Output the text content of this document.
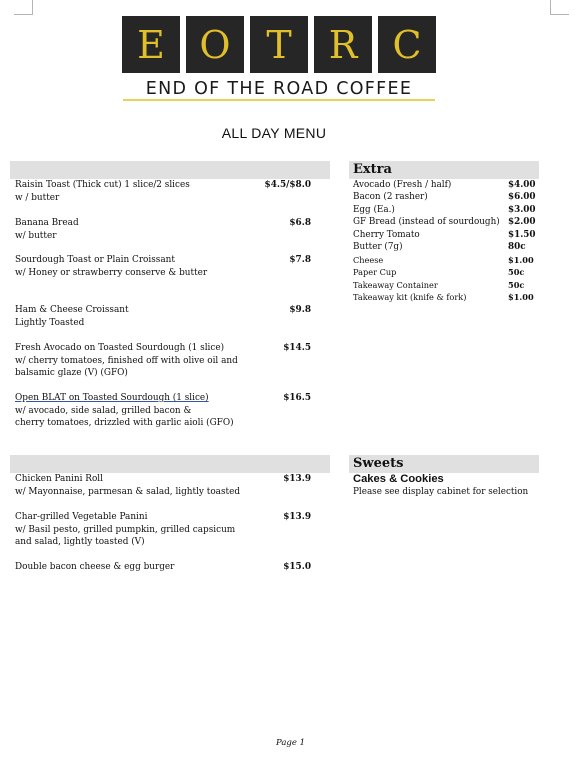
E O T R C
END OF THE ROAD COFFEE
ALL DAY MENU
Extra
Sweets
Raisin Toast (Thick cut) 1 slice/2 slices
w / butter
$4.5/$8.0
Banana Bread
w/ butter
$6.8
Sourdough Toast or Plain Croissant
w/ Honey or strawberry conserve & butter
$7.8
Ham & Cheese Croissant
Lightly Toasted
$9.8
Fresh Avocado on Toasted Sourdough (1 slice)
w/ cherry tomatoes, finished off with olive oil and
balsamic glaze (V) (GFO)
$14.5
Open BLAT on Toasted Sourdough (1 slice)
w/ avocado, side salad, grilled bacon &
cherry tomatoes, drizzled with garlic aioli (GFO)
$16.5
Chicken Panini Roll
w/ Mayonnaise, parmesan & salad, lightly toasted
$13.9
Char-grilled Vegetable Panini
w/ Basil pesto, grilled pumpkin, grilled capsicum
and salad, lightly toasted (V)
$13.9
Double bacon cheese & egg burger	$15.0
Avocado (Fresh / half)	$4.00
Bacon (2 rasher)	$6.00
Egg (Ea.)	$3.00
GF Bread (instead of sourdough) $2.00
Cherry Tomato	$1.50
Butter (7g)	80c
Cheese	$1.00
Paper Cup	50c
Takeaway Container	50c
Takeaway kit (knife & fork)	$1.00
Cakes & Cookies
Please see display cabinet for selection
Page 1
